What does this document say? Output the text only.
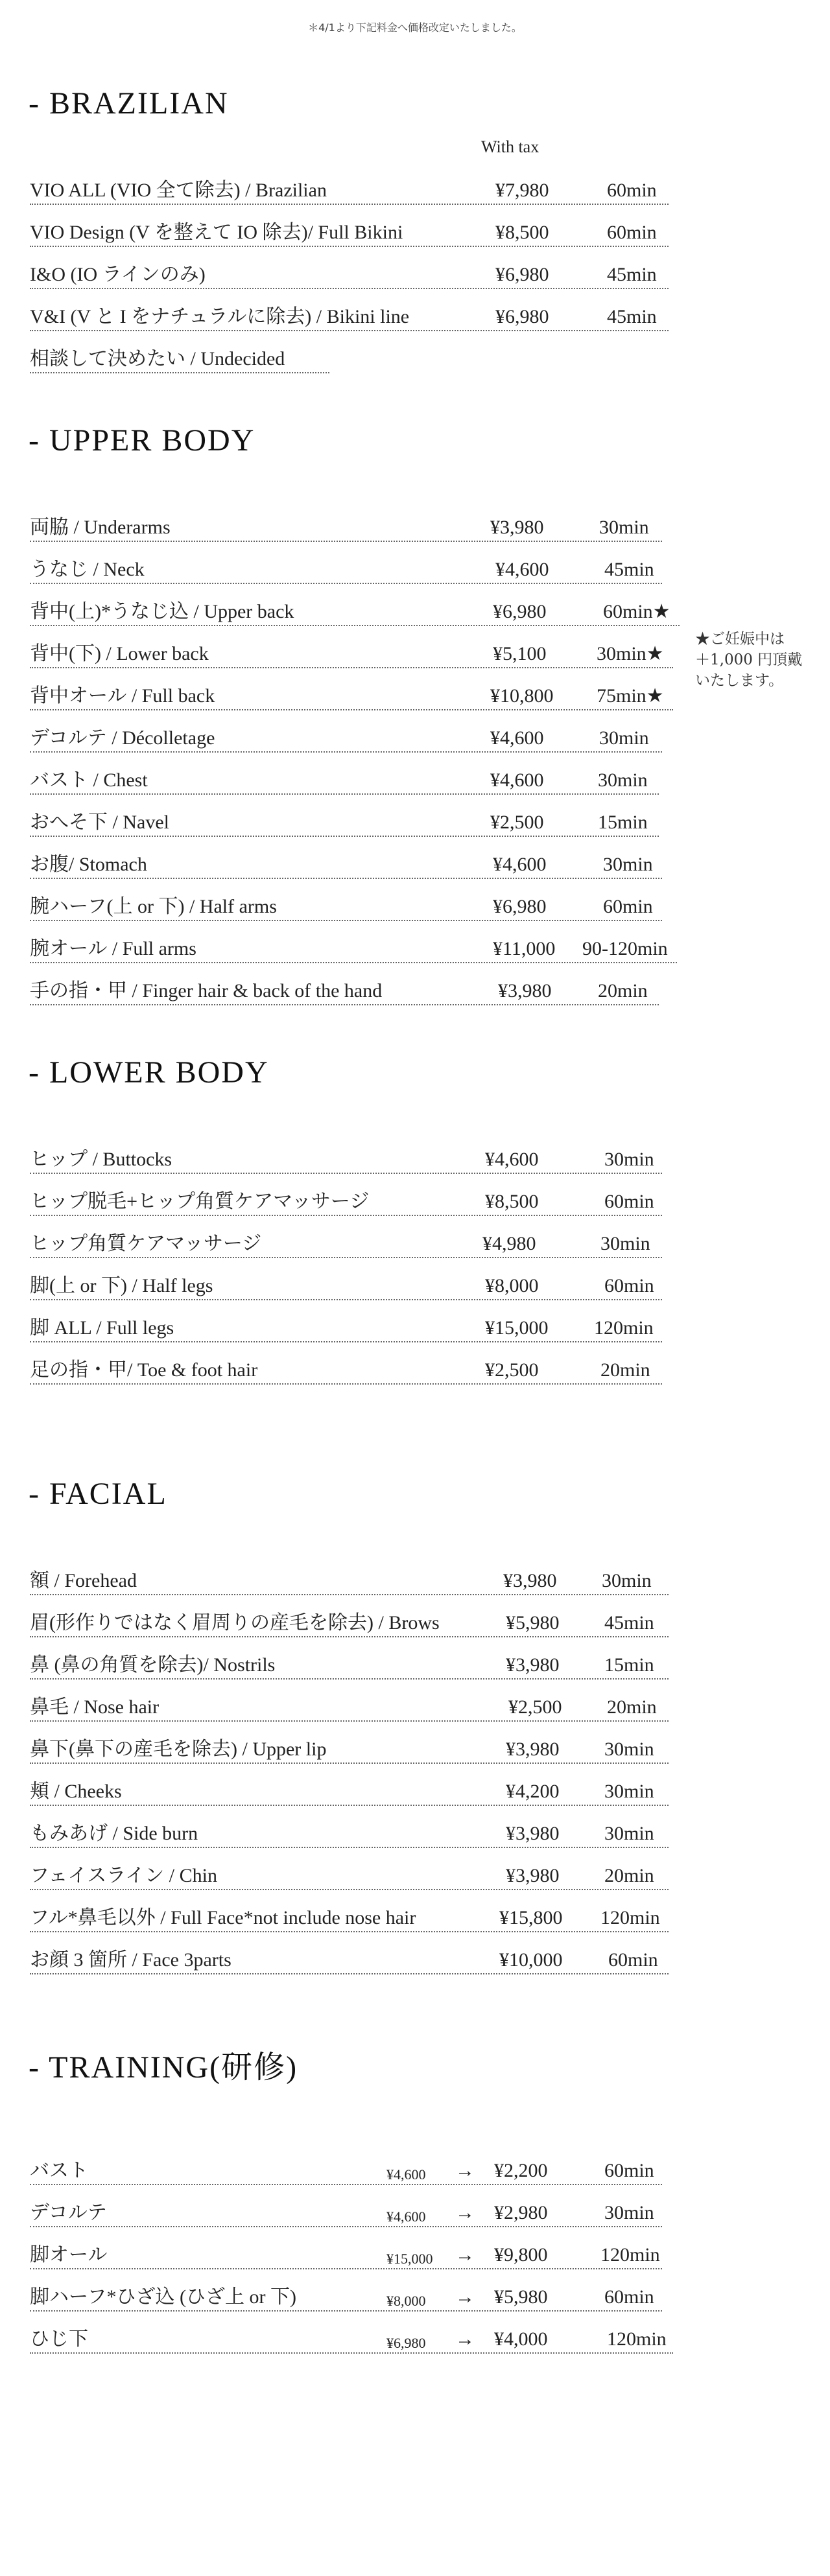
＊4/1より下記料金へ価格改定いたしました。
- BRAZILIAN
With tax
VIO ALL (VIO 全て除去) / Brazilian	¥7,980	60min
VIO Design (V を整えて IO 除去)/ Full Bikini	¥8,500	60min
I&O (IO ラインのみ)	¥6,980	45min
V&I (V と I をナチュラルに除去) / Bikini line	¥6,980	45min
相談して決めたい / Undecided
- UPPER BODY
両脇 / Underarms	¥3,980	30min
うなじ / Neck	¥4,600	45min
背中(上)*うなじ込 / Upper back	¥6,980	60min★
背中(下) / Lower back	¥5,100	30min★
背中オール / Full back	¥10,800 75min★
デコルテ / Décolletage	¥4,600	30min
バスト / Chest	¥4,600	30min
おへそ下 / Navel	¥2,500	15min
お腹/ Stomach	¥4,600	30min
腕ハーフ(上 or 下) / Half arms	¥6,980	60min
腕オール / Full arms	¥11,000 90-120min
手の指・甲 / Finger hair & back of the hand	¥3,980 20min
★ご妊娠中は
＋1,000 円頂戴
いたします。
- LOWER BODY
ヒップ / Buttocks	¥4,600	30min
ヒップ脱毛+ヒップ角質ケアマッサージ	¥8,500	60min
ヒップ角質ケアマッサージ	¥4,980	30min
脚(上 or 下) / Half legs	¥8,000	60min
脚 ALL / Full legs	¥15,000 120min
足の指・甲/ Toe & foot hair	¥2,500	20min
- FACIAL
額 / Forehead	¥3,980 30min
眉(形作りではなく眉周りの産毛を除去) / Brows	¥5,980 45min
鼻 (鼻の角質を除去)/ Nostrils	¥3,980 15min
鼻毛 / Nose hair	¥2,500 20min
鼻下(鼻下の産毛を除去) / Upper lip	¥3,980 30min
頬 / Cheeks	¥4,200 30min
もみあげ / Side burn	¥3,980 30min
フェイスライン / Chin	¥3,980 20min
フル*鼻毛以外 / Full Face*not include nose hair	¥15,800 120min
お顔 3 箇所 / Face 3parts	¥10,000 60min
- TRAINING(研修)
バスト	¥4,600 → ¥2,200	60min
デコルテ	¥4,600 → ¥2,980	30min
脚オール	¥15,000 → ¥9,800	120min
脚ハーフ*ひざ込 (ひざ上 or 下)	¥8,000 → ¥5,980	60min
ひじ下	¥6,980 → ¥4,000	120min
